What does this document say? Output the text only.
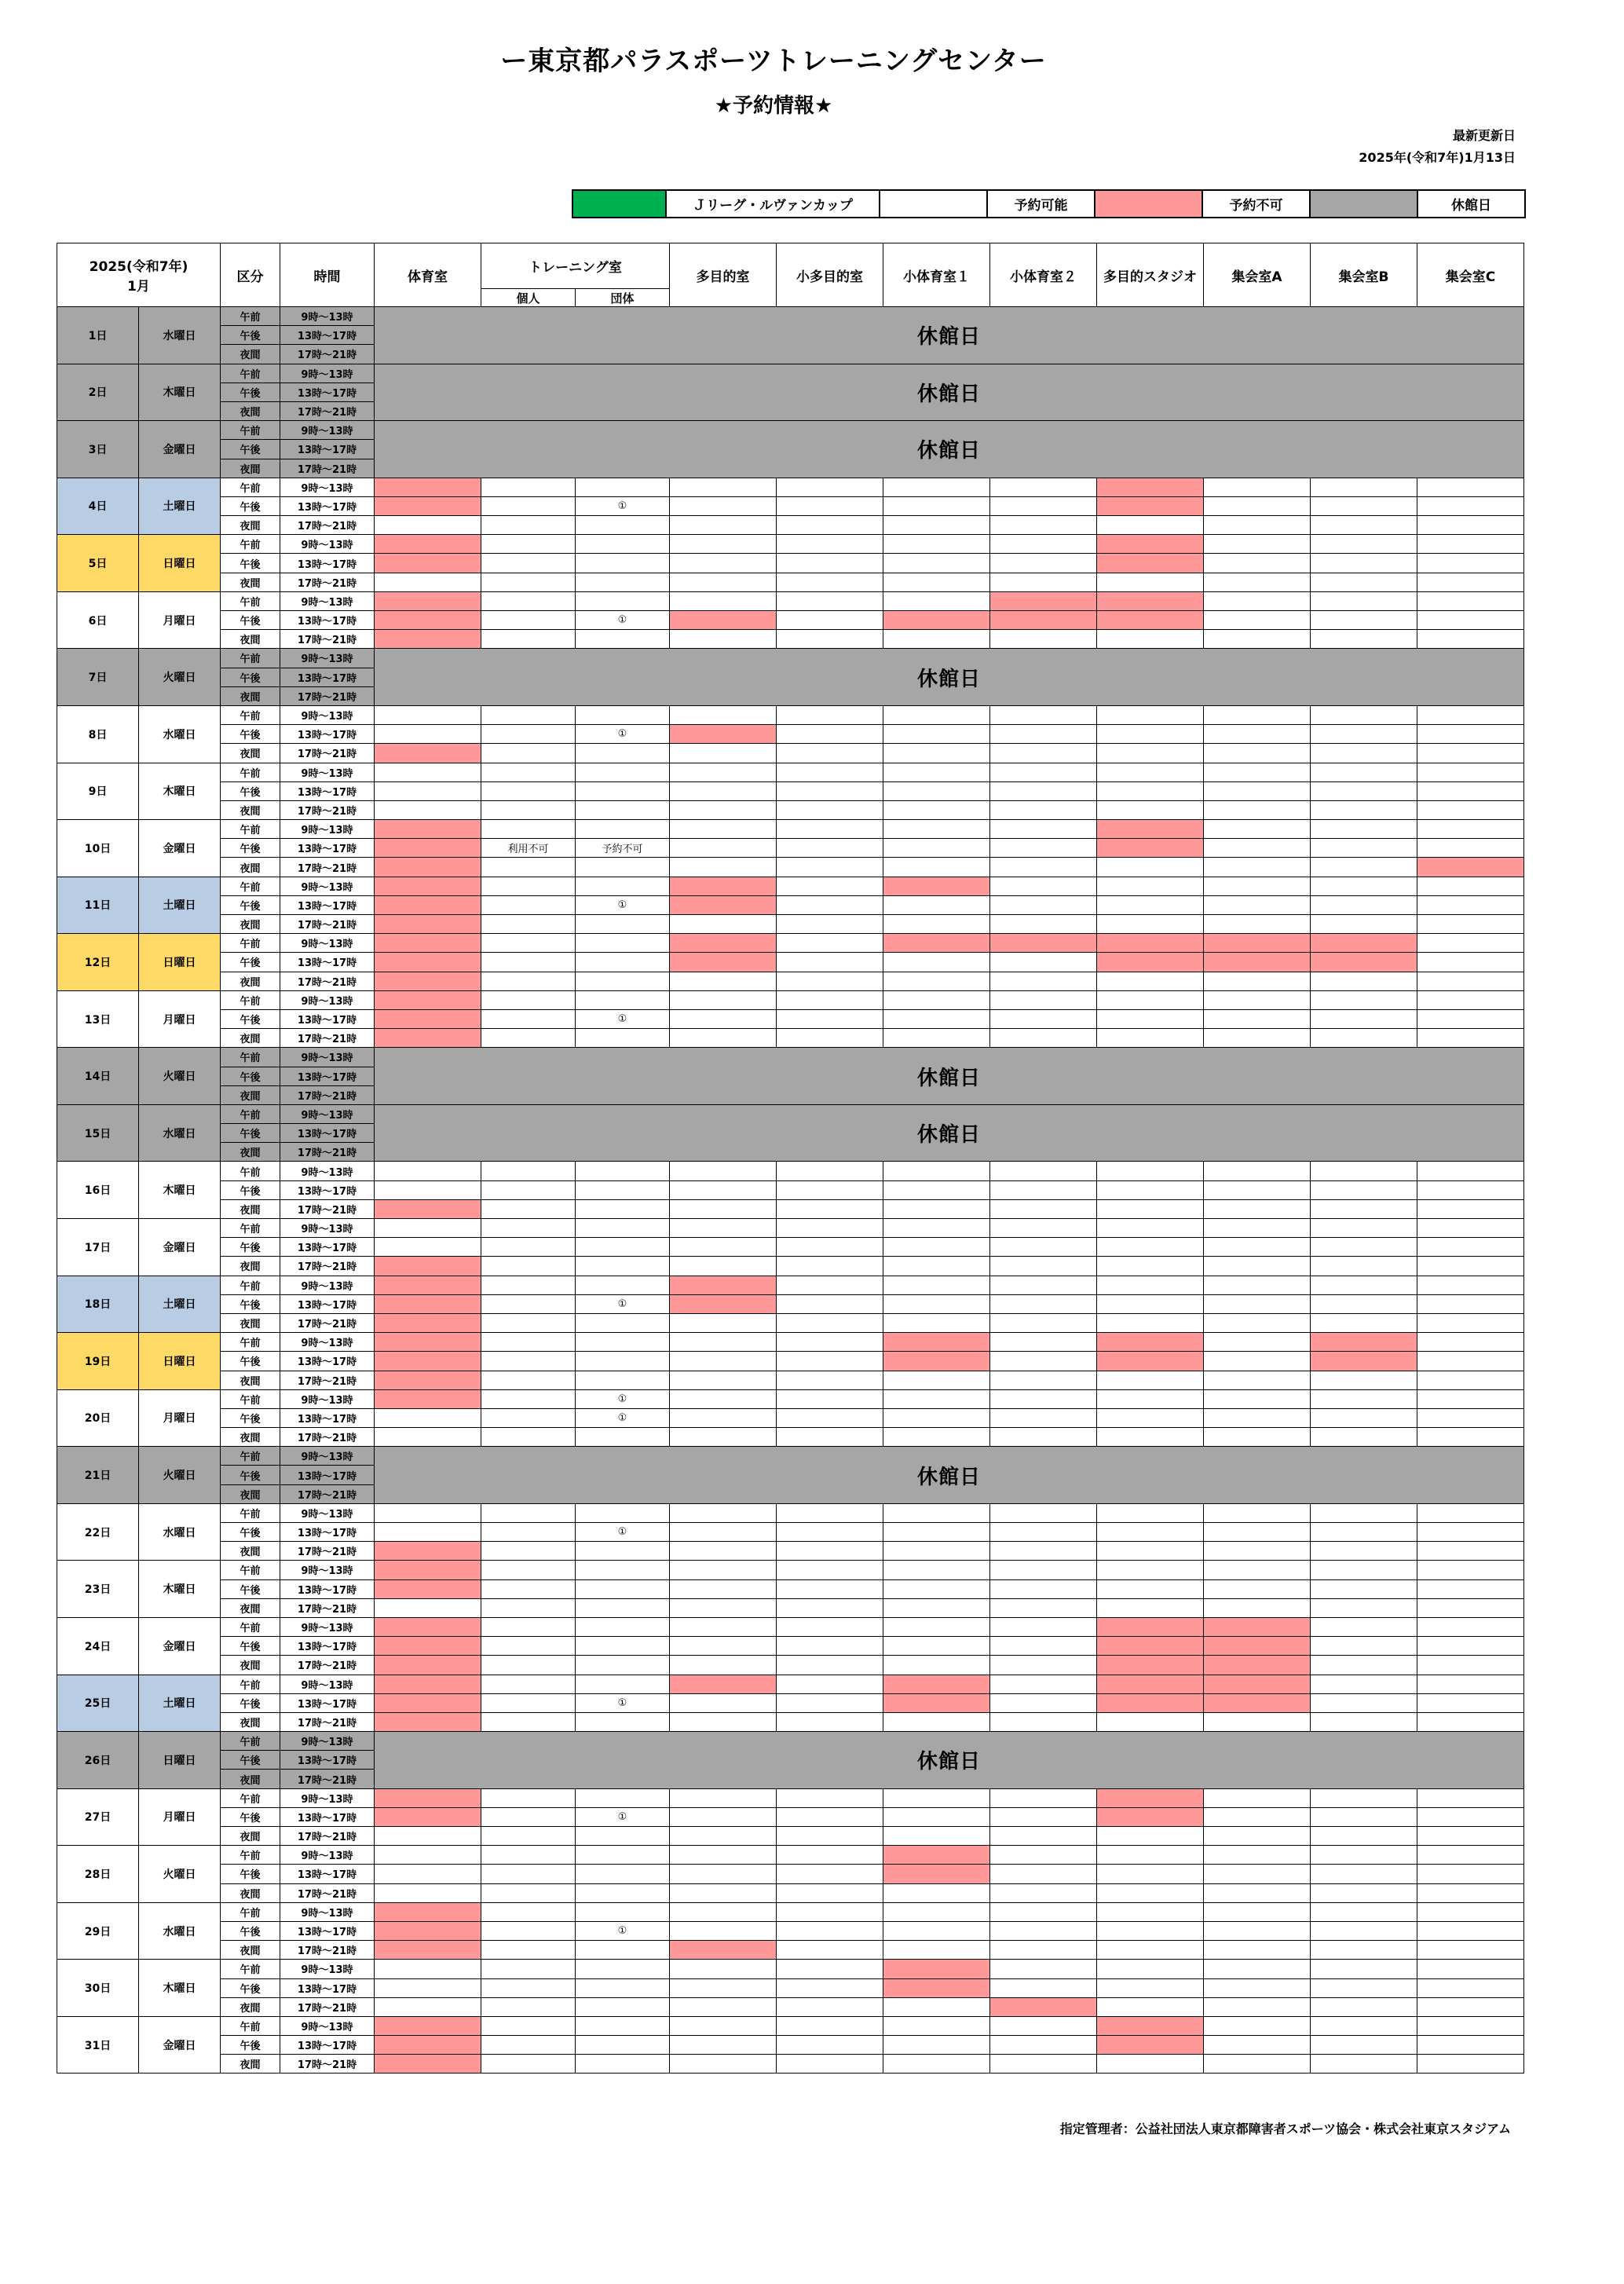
ー東京都パラスポーツトレーニングセンター
★予約情報★
最新更新日
2025年(令和7年)1月13日
	Ｊリーグ・ルヴァンカップ		予約可能		予約不可		休館日
2025(令和7年)
1月		区分	時間	体育室	トレーニング室		多目的室	小多目的室	小体育室１	小体育室２	多目的スタジオ	集会室A	集会室B	集会室C
					個人	団体								
1日	水曜日	午前	9時～13時	休館日										
		午後	13時～17時											
		夜間	17時～21時											
2日	木曜日	午前	9時～13時	休館日										
		午後	13時～17時											
		夜間	17時～21時											
3日	金曜日	午前	9時～13時	休館日										
		午後	13時～17時											
		夜間	17時～21時											
4日	土曜日	午前	9時～13時											
		午後	13時～17時			①								
		夜間	17時～21時											
5日	日曜日	午前	9時～13時											
		午後	13時～17時											
		夜間	17時～21時											
6日	月曜日	午前	9時～13時											
		午後	13時～17時			①								
		夜間	17時～21時											
7日	火曜日	午前	9時～13時	休館日										
		午後	13時～17時											
		夜間	17時～21時											
8日	水曜日	午前	9時～13時											
		午後	13時～17時			①								
		夜間	17時～21時											
9日	木曜日	午前	9時～13時											
		午後	13時～17時											
		夜間	17時～21時											
10日	金曜日	午前	9時～13時											
		午後	13時～17時		利用不可	予約不可								
		夜間	17時～21時											
11日	土曜日	午前	9時～13時											
		午後	13時～17時			①								
		夜間	17時～21時											
12日	日曜日	午前	9時～13時											
		午後	13時～17時											
		夜間	17時～21時											
13日	月曜日	午前	9時～13時											
		午後	13時～17時			①								
		夜間	17時～21時											
14日	火曜日	午前	9時～13時	休館日										
		午後	13時～17時											
		夜間	17時～21時											
15日	水曜日	午前	9時～13時	休館日										
		午後	13時～17時											
		夜間	17時～21時											
16日	木曜日	午前	9時～13時											
		午後	13時～17時											
		夜間	17時～21時											
17日	金曜日	午前	9時～13時											
		午後	13時～17時											
		夜間	17時～21時											
18日	土曜日	午前	9時～13時											
		午後	13時～17時			①								
		夜間	17時～21時											
19日	日曜日	午前	9時～13時											
		午後	13時～17時											
		夜間	17時～21時											
20日	月曜日	午前	9時～13時			①								
		午後	13時～17時			①								
		夜間	17時～21時											
21日	火曜日	午前	9時～13時	休館日										
		午後	13時～17時											
		夜間	17時～21時											
22日	水曜日	午前	9時～13時											
		午後	13時～17時			①								
		夜間	17時～21時											
23日	木曜日	午前	9時～13時											
		午後	13時～17時											
		夜間	17時～21時											
24日	金曜日	午前	9時～13時											
		午後	13時～17時											
		夜間	17時～21時											
25日	土曜日	午前	9時～13時											
		午後	13時～17時			①								
		夜間	17時～21時											
26日	日曜日	午前	9時～13時	休館日										
		午後	13時～17時											
		夜間	17時～21時											
27日	月曜日	午前	9時～13時											
		午後	13時～17時			①								
		夜間	17時～21時											
28日	火曜日	午前	9時～13時											
		午後	13時～17時											
		夜間	17時～21時											
29日	水曜日	午前	9時～13時											
		午後	13時～17時			①								
		夜間	17時～21時											
30日	木曜日	午前	9時～13時											
		午後	13時～17時											
		夜間	17時～21時											
31日	金曜日	午前	9時～13時											
		午後	13時～17時											
		夜間	17時～21時											
指定管理者：公益社団法人東京都障害者スポーツ協会・株式会社東京スタジアム
